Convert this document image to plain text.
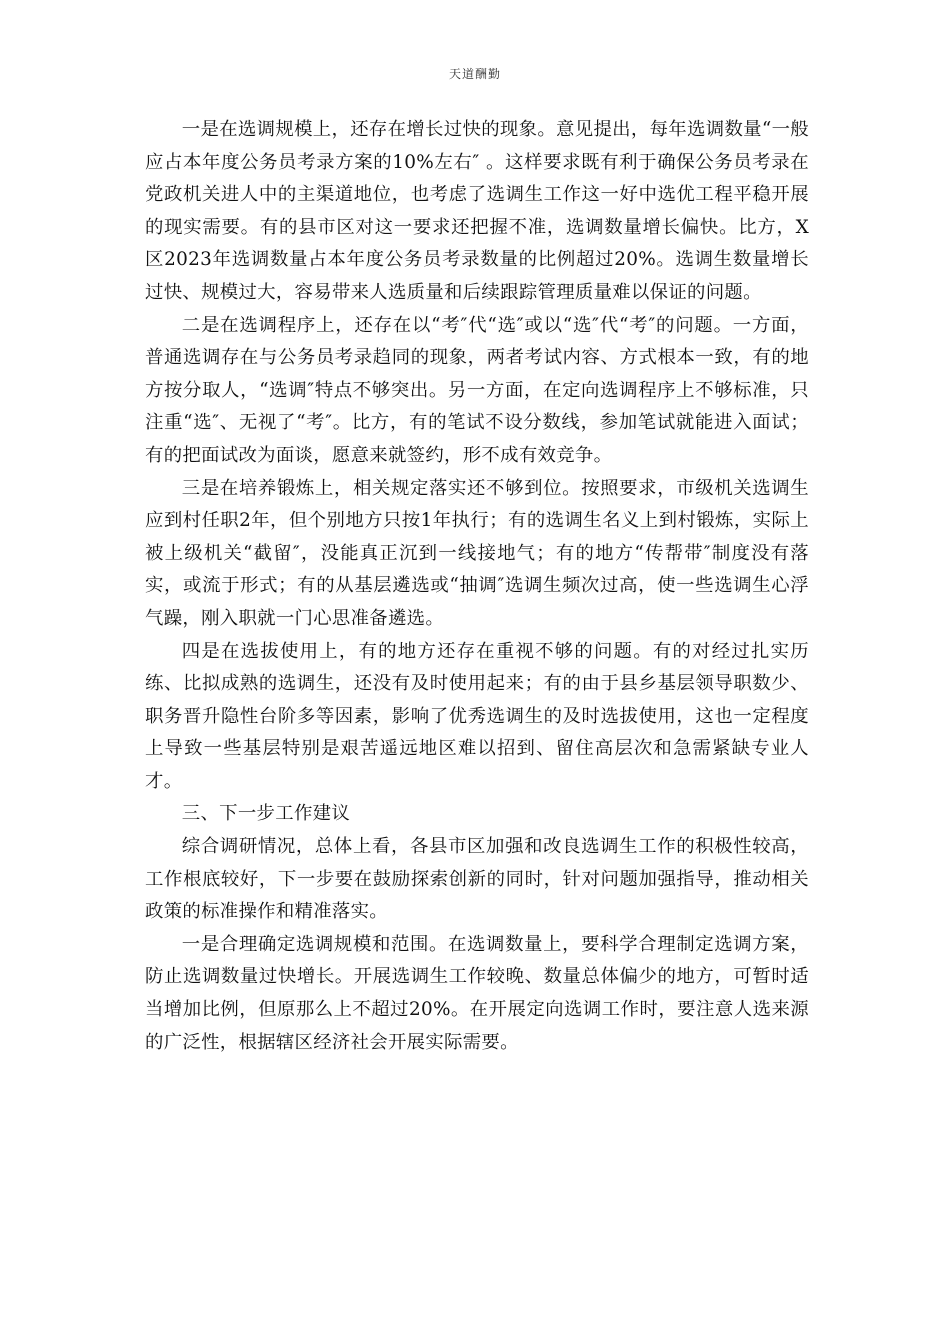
天道酬勤

一是在选调规模上，还存在增长过快的现象。意见提出，每年选调数量“一般应占本年度公务员考录方案的10%左右″ 。这样要求既有利于确保公务员考录在党政机关进人中的主渠道地位，也考虑了选调生工作这一好中选优工程平稳开展的现实需要。有的县市区对这一要求还把握不准，选调数量增长偏快。比方，X区2023年选调数量占本年度公务员考录数量的比例超过20%。选调生数量增长过快、规模过大，容易带来人选质量和后续跟踪管理质量难以保证的问题。

二是在选调程序上，还存在以“考″代“选″或以“选″代“考″的问题。一方面，普通选调存在与公务员考录趋同的现象，两者考试内容、方式根本一致，有的地方按分取人，“选调″特点不够突出。另一方面，在定向选调程序上不够标准，只注重“选″、无视了“考″。比方，有的笔试不设分数线，参加笔试就能进入面试；有的把面试改为面谈，愿意来就签约，形不成有效竞争。

三是在培养锻炼上，相关规定落实还不够到位。按照要求，市级机关选调生应到村任职2年，但个别地方只按1年执行；有的选调生名义上到村锻炼，实际上被上级机关“截留″，没能真正沉到一线接地气；有的地方“传帮带″制度没有落实，或流于形式；有的从基层遴选或“抽调″选调生频次过高，使一些选调生心浮气躁，刚入职就一门心思准备遴选。

四是在选拔使用上，有的地方还存在重视不够的问题。有的对经过扎实历练、比拟成熟的选调生，还没有及时使用起来；有的由于县乡基层领导职数少、职务晋升隐性台阶多等因素，影响了优秀选调生的及时选拔使用，这也一定程度上导致一些基层特别是艰苦遥远地区难以招到、留住高层次和急需紧缺专业人才。

三、下一步工作建议

综合调研情况，总体上看，各县市区加强和改良选调生工作的积极性较高，工作根底较好，下一步要在鼓励探索创新的同时，针对问题加强指导，推动相关政策的标准操作和精准落实。

一是合理确定选调规模和范围。在选调数量上，要科学合理制定选调方案，防止选调数量过快增长。开展选调生工作较晚、数量总体偏少的地方，可暂时适当增加比例，但原那么上不超过20%。在开展定向选调工作时，要注意人选来源的广泛性，根据辖区经济社会开展实际需要。
